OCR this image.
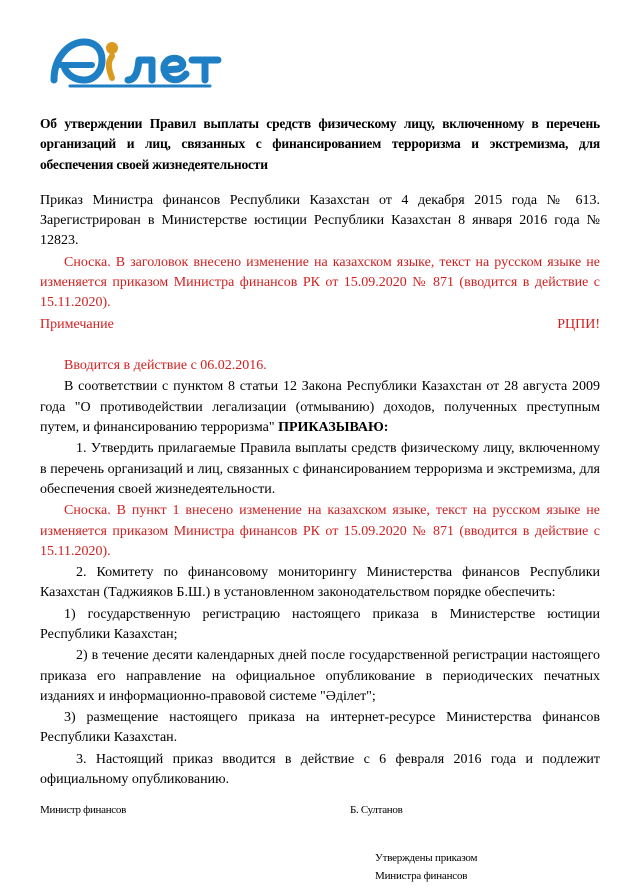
Об утверждении Правил выплаты средств физическому лицу, включенному в перечень организаций и лиц, связанных с финансированием терроризма и экстремизма, для обеспечения своей жизнедеятельности

Приказ Министра финансов Республики Казахстан от 4 декабря 2015 года № 613. Зарегистрирован в Министерстве юстиции Республики Казахстан 8 января 2016 года № 12823.

Сноска. В заголовок внесено изменение на казахском языке, текст на русском языке не изменяется приказом Министра финансов РК от 15.09.2020 № 871 (вводится в действие с 15.11.2020).

Примечание РЦПИ!

Вводится в действие с 06.02.2016.

В соответствии с пунктом 8 статьи 12 Закона Республики Казахстан от 28 августа 2009 года "О противодействии легализации (отмыванию) доходов, полученных преступным путем, и финансированию терроризма" ПРИКАЗЫВАЮ:

1. Утвердить прилагаемые Правила выплаты средств физическому лицу, включенному в перечень организаций и лиц, связанных с финансированием терроризма и экстремизма, для обеспечения своей жизнедеятельности.

Сноска. В пункт 1 внесено изменение на казахском языке, текст на русском языке не изменяется приказом Министра финансов РК от 15.09.2020 № 871 (вводится в действие с 15.11.2020).

2. Комитету по финансовому мониторингу Министерства финансов Республики Казахстан (Таджияков Б.Ш.) в установленном законодательством порядке обеспечить:

1) государственную регистрацию настоящего приказа в Министерстве юстиции Республики Казахстан;

2) в течение десяти календарных дней после государственной регистрации настоящего приказа его направление на официальное опубликование в периодических печатных изданиях и информационно-правовой системе "Әділет";

3) размещение настоящего приказа на интернет-ресурсе Министерства финансов Республики Казахстан.

3. Настоящий приказ вводится в действие с 6 февраля 2016 года и подлежит официальному опубликованию.

Министр финансов	Б. Султанов
Утверждены приказом
Министра финансов
